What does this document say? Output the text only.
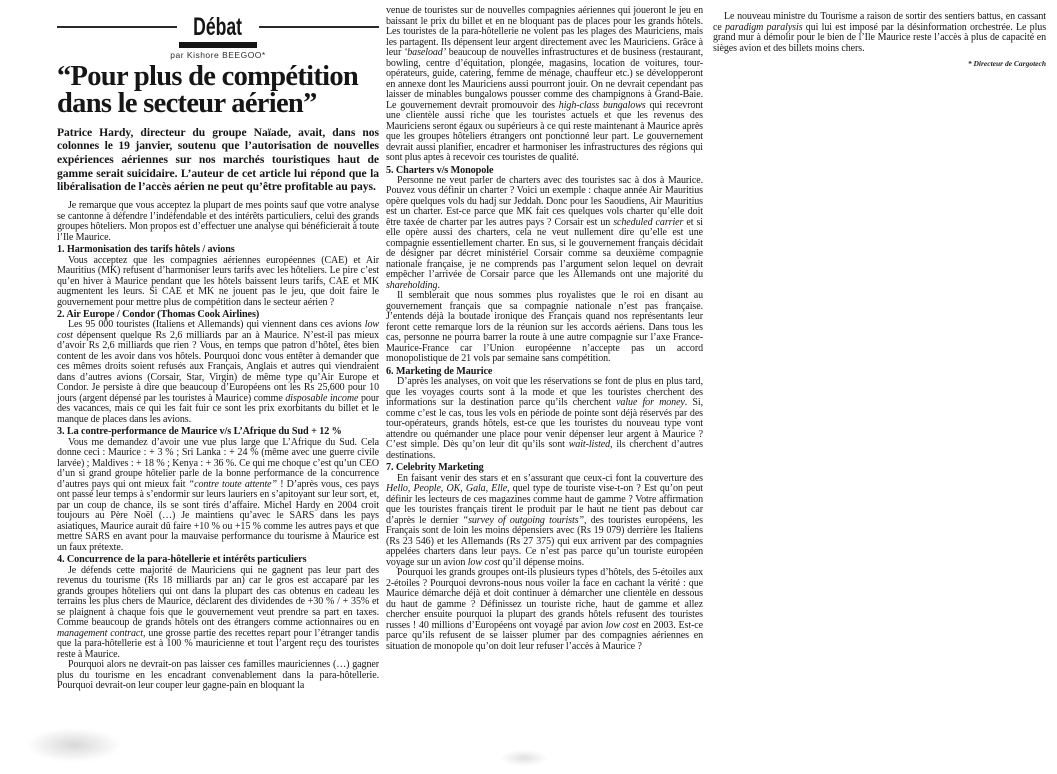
Débat
par Kishore BEEGOO*
“Pour plus de compétition
dans le secteur aérien”
Patrice Hardy, directeur du groupe Naïade, avait, dans nos colonnes le 19 janvier, soutenu que l’autorisation de nouvelles expériences aériennes sur nos marchés touristiques haut de gamme serait suicidaire. L’auteur de cet article lui répond que la libéralisation de l’accès aérien ne peut qu’être profitable au pays.
Je remarque que vous acceptez la plupart de mes points sauf que votre analyse se cantonne à défendre l’indéfendable et des intérêts particuliers, celui des grands groupes hôteliers. Mon propos est d’effectuer une analyse qui bénéficierait à toute l’Ile Maurice.
1. Harmonisation des tarifs hôtels / avions
Vous acceptez que les compagnies aériennes européennes (CAE) et Air Mauritius (MK) refusent d’harmoniser leurs tarifs avec les hôteliers. Le pire c’est qu’en hiver à Maurice pendant que les hôtels baissent leurs tarifs, CAE et MK augmentent les leurs. Si CAE et MK ne jouent pas le jeu, que doit faire le gouvernement pour mettre plus de compétition dans le secteur aérien ?
2. Air Europe / Condor (Thomas Cook Airlines)
Les 95 000 touristes (Italiens et Allemands) qui viennent dans ces avions low cost dépensent quelque Rs 2,6 milliards par an à Maurice. N’est-il pas mieux d’avoir Rs 2,6 milliards que rien ? Vous, en temps que patron d’hôtel, êtes bien content de les avoir dans vos hôtels. Pourquoi donc vous entêter à demander que ces mêmes droits soient refusés aux Français, Anglais et autres qui viendraient dans d’autres avions (Corsair, Star, Virgin) de même type qu’Air Europe et Condor. Je persiste à dire que beaucoup d’Européens ont les Rs 25,600 pour 10 jours (argent dépensé par les touristes à Maurice) comme disposable income pour des vacances, mais ce qui les fait fuir ce sont les prix exorbitants du billet et le manque de places dans les avions.
3. La contre-performance de Maurice v/s L’Afrique du Sud + 12 %
Vous me demandez d’avoir une vue plus large que L’Afrique du Sud. Cela donne ceci : Maurice : + 3 % ; Sri Lanka : + 24 % (même avec une guerre civile larvée) ; Maldives : + 18 % ; Kenya : + 36 %. Ce qui me choque c’est qu’un CEO d’un si grand groupe hôtelier parle de la bonne performance de la concurrence d’autres pays qui ont mieux fait “contre toute attente” ! D’après vous, ces pays ont passé leur temps à s’endormir sur leurs lauriers en s’apitoyant sur leur sort, et, par un coup de chance, ils se sont tirés d’affaire. Michel Hardy en 2004 croit toujours au Père Noël (…) Je maintiens qu’avec le SARS dans les pays asiatiques, Maurice aurait dû faire +10 % ou +15 % comme les autres pays et que mettre SARS en avant pour la mauvaise performance du tourisme à Maurice est un faux prétexte.
4. Concurrence de la para-hôtellerie et intérêts particuliers
Je défends cette majorité de Mauriciens qui ne gagnent pas leur part des revenus du tourisme (Rs 18 milliards par an) car le gros est accaparé par les grands groupes hôteliers qui ont dans la plupart des cas obtenus en cadeau les terrains les plus chers de Maurice, déclarent des dividendes de +30 % / + 35% et se plaignent à chaque fois que le gouvernement veut prendre sa part en taxes. Comme beaucoup de grands hôtels ont des étrangers comme actionnaires ou en management contract, une grosse partie des recettes repart pour l’étranger tandis que la para-hôtellerie est à 100 % mauricienne et tout l’argent reçu des touristes reste à Maurice.
Pourquoi alors ne devrait-on pas laisser ces familles mauriciennes (…) gagner plus du tourisme en les encadrant convenablement dans la para-hôtellerie. Pourquoi devrait-on leur couper leur gagne-pain en bloquant la
venue de touristes sur de nouvelles compagnies aériennes qui joueront le jeu en baissant le prix du billet et en ne bloquant pas de places pour les grands hôtels. Les touristes de la para-hôtellerie ne volent pas les plages des Mauriciens, mais les partagent. Ils dépensent leur argent directement avec les Mauriciens. Grâce à leur ‘baseload’ beaucoup de nouvelles infrastructures et de business (restaurant, bowling, centre d’équitation, plongée, magasins, location de voitures, tour-opérateurs, guide, catering, femme de ménage, chauffeur etc.) se développeront en annexe dont les Mauriciens aussi pourront jouir. On ne devrait cependant pas laisser de minables bungalows pousser comme des champignons à Grand-Baie. Le gouvernement devrait promouvoir des high-class bungalows qui recevront une clientèle aussi riche que les touristes actuels et que les revenus des Mauriciens seront égaux ou supérieurs à ce qui reste maintenant à Maurice après que les groupes hôteliers étrangers ont ponctionné leur part. Le gouvernement devrait aussi planifier, encadrer et harmoniser les infrastructures des régions qui sont plus aptes à recevoir ces touristes de qualité.
5. Charters v/s Monopole
Personne ne veut parler de charters avec des touristes sac à dos à Maurice. Pouvez vous définir un charter ? Voici un exemple : chaque année Air Mauritius opère quelques vols du hadj sur Jeddah. Donc pour les Saoudiens, Air Mauritius est un charter. Est-ce parce que MK fait ces quelques vols charter qu’elle doit être taxée de charter par les autres pays ? Corsair est un scheduled carrier et si elle opère aussi des charters, cela ne veut nullement dire qu’elle est une compagnie essentiellement charter. En sus, si le gouvernement français décidait de désigner par décret ministériel Corsair comme sa deuxième compagnie nationale française, je ne comprends pas l’argument selon lequel on devrait empêcher l’arrivée de Corsair parce que les Allemands ont une majorité du shareholding.
Il semblerait que nous sommes plus royalistes que le roi en disant au gouvernement français que sa compagnie nationale n’est pas française. J’entends déjà la boutade ironique des Français quand nos représentants leur feront cette remarque lors de la réunion sur les accords aériens. Dans tous les cas, personne ne pourra barrer la route à une autre compagnie sur l’axe France-Maurice-France car l’Union européenne n’accepte pas un accord monopolistique de 21 vols par semaine sans compétition.
6. Marketing de Maurice
D’après les analyses, on voit que les réservations se font de plus en plus tard, que les voyages courts sont à la mode et que les touristes cherchent des informations sur la destination parce qu’ils cherchent value for money. Si, comme c’est le cas, tous les vols en période de pointe sont déjà réservés par des tour-opérateurs, grands hôtels, est-ce que les touristes du nouveau type vont attendre ou quémander une place pour venir dépenser leur argent à Maurice ? C’est simple. Dès qu’on leur dit qu’ils sont wait-listed, ils cherchent d’autres destinations.
7. Celebrity Marketing
En faisant venir des stars et en s’assurant que ceux-ci font la couverture des Hello, People, OK, Gala, Elle, quel type de touriste vise-t-on ? Est qu’on peut définir les lecteurs de ces magazines comme haut de gamme ? Votre affirmation que les touristes français tirent le produit par le haut ne tient pas debout car d’après le dernier “survey of outgoing tourists”, des touristes européens, les Français sont de loin les moins dépensiers avec (Rs 19 079) derrière les Italiens (Rs 23 546) et les Allemands (Rs 27 375) qui eux arrivent par des compagnies appelées charters dans leur pays. Ce n’est pas parce qu’un touriste européen voyage sur un avion low cost qu’il dépense moins.
Pourquoi les grands groupes ont-ils plusieurs types d’hôtels, des 5-étoiles aux 2-étoiles ? Pourquoi devrons-nous nous voiler la face en cachant la vérité : que Maurice démarche déjà et doit continuer à démarcher une clientèle en dessous du haut de gamme ? Définissez un touriste riche, haut de gamme et allez chercher ensuite pourquoi la plupart des grands hôtels refusent des touristes russes ! 40 millions d’Européens ont voyagé par avion low cost en 2003. Est-ce parce qu’ils refusent de se laisser plumer par des compagnies aériennes en situation de monopole qu’on doit leur refuser l’accès à Maurice ?
Le nouveau ministre du Tourisme a raison de sortir des sentiers battus, en cassant ce paradigm paralysis qui lui est imposé par la désinformation orchestrée. Le plus grand mur à démolir pour le bien de l’Ile Maurice reste l’accès à plus de capacité en sièges avion et des billets moins chers.
* Directeur de Cargotech
